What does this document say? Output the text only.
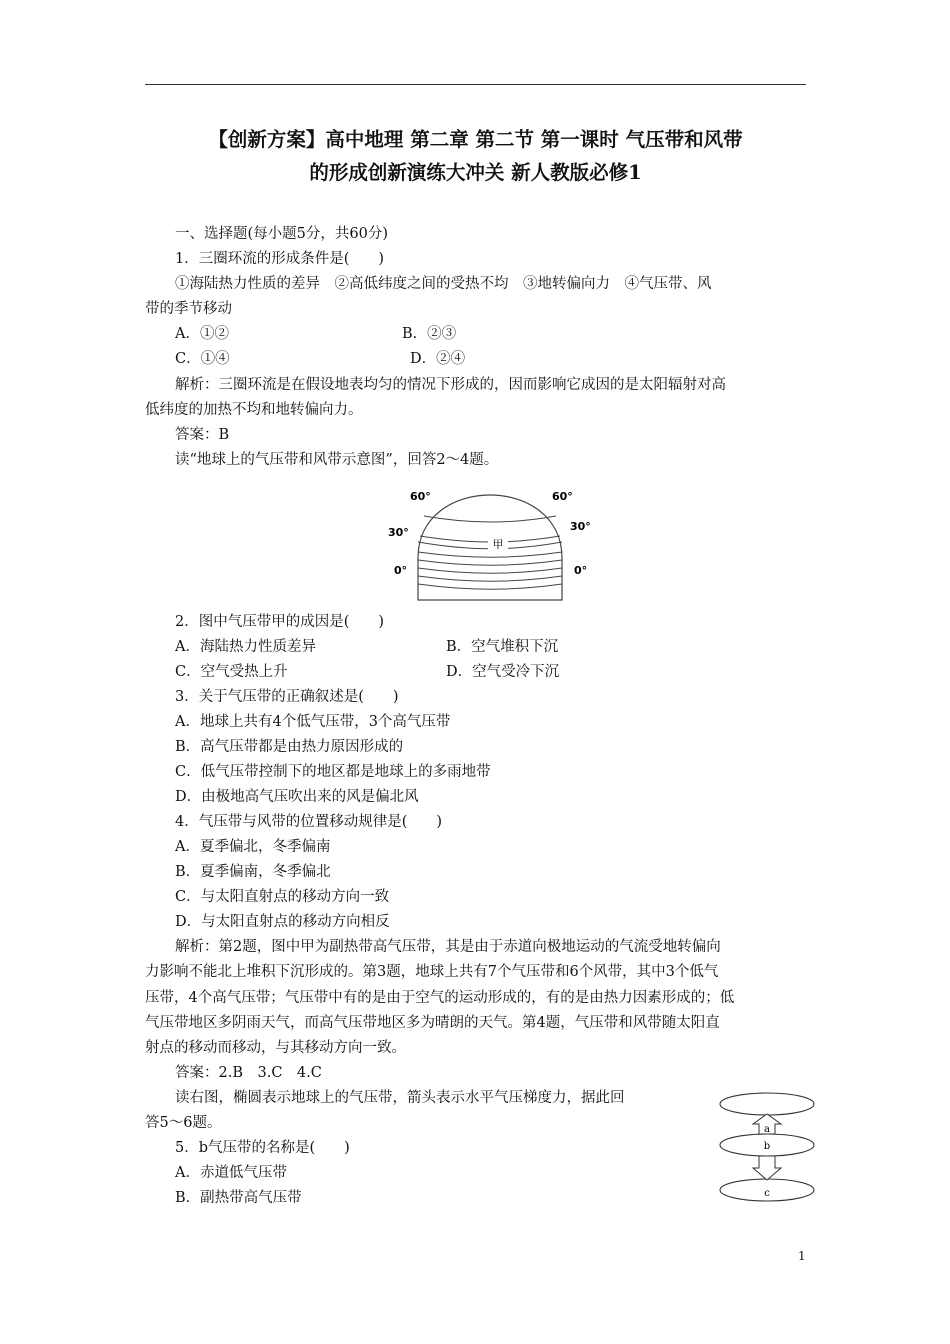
【创新方案】高中地理 第二章 第二节 第一课时 气压带和风带
的形成创新演练大冲关 新人教版必修1
一、选择题(每小题5分，共60分)
1．三圈环流的形成条件是(　　)
①海陆热力性质的差异　②高低纬度之间的受热不均　③地转偏向力　④气压带、风
带的季节移动
A．①②	B．②③
C．①④	D．②④
解析：三圈环流是在假设地表均匀的情况下形成的，因而影响它成因的是太阳辐射对高
低纬度的加热不均和地转偏向力。
答案：B
读“地球上的气压带和风带示意图”，回答2～4题。
甲
60°	60°
30°	30°
0°	0°
2．图中气压带甲的成因是(　　)
A．海陆热力性质差异	B．空气堆积下沉
C．空气受热上升	D．空气受冷下沉
3．关于气压带的正确叙述是(　　)
A．地球上共有4个低气压带，3个高气压带
B．高气压带都是由热力原因形成的
C．低气压带控制下的地区都是地球上的多雨地带
D．由极地高气压吹出来的风是偏北风
4．气压带与风带的位置移动规律是(　　)
A．夏季偏北，冬季偏南
B．夏季偏南，冬季偏北
C．与太阳直射点的移动方向一致
D．与太阳直射点的移动方向相反
解析：第2题，图中甲为副热带高气压带，其是由于赤道向极地运动的气流受地转偏向
力影响不能北上堆积下沉形成的。第3题，地球上共有7个气压带和6个风带，其中3个低气
压带，4个高气压带；气压带中有的是由于空气的运动形成的，有的是由热力因素形成的；低
气压带地区多阴雨天气，而高气压带地区多为晴朗的天气。第4题，气压带和风带随太阳直
射点的移动而移动，与其移动方向一致。
答案：2.B　3.C　4.C
读右图，椭圆表示地球上的气压带，箭头表示水平气压梯度力，据此回
答5～6题。	a
b
c
5．b气压带的名称是(　　)
A．赤道低气压带
B．副热带高气压带
1
